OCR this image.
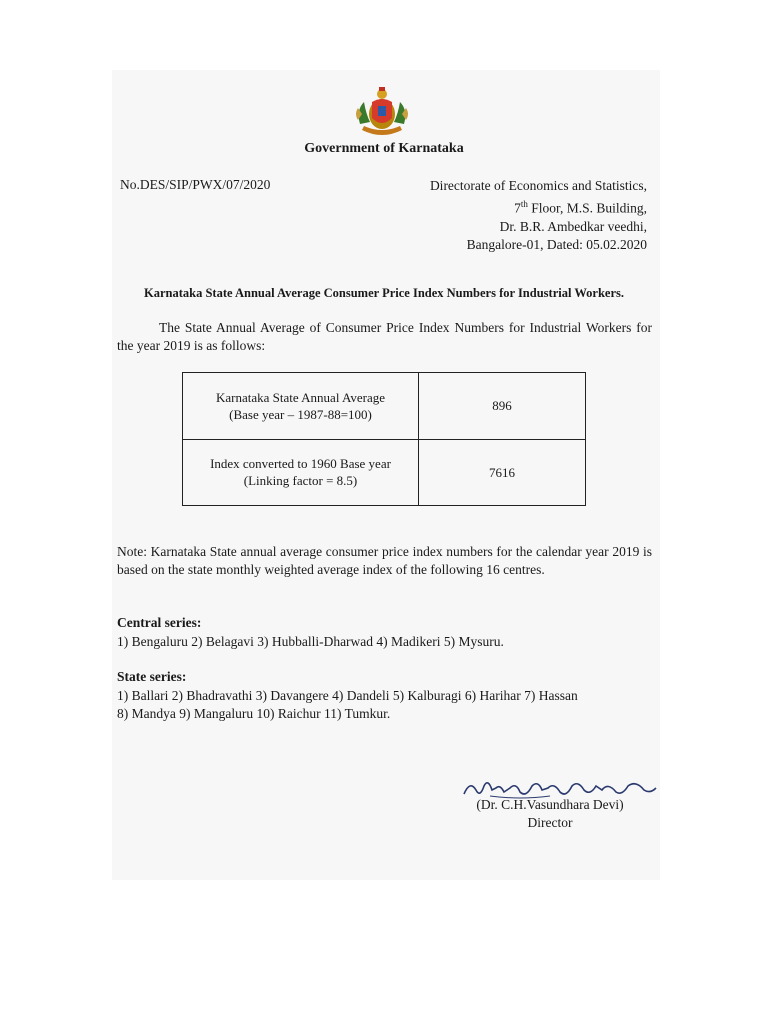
Government of Karnataka
No.DES/SIP/PWX/07/2020	Directorate of Economics and Statistics,
7th Floor, M.S. Building,
Dr. B.R. Ambedkar veedhi,
Bangalore-01, Dated: 05.02.2020
Karnataka State Annual Average Consumer Price Index Numbers for Industrial Workers.
The State Annual Average of Consumer Price Index Numbers for Industrial Workers for the year 2019 is as follows:
Karnataka State Annual Average
(Base year – 1987-88=100)	896

Index converted to 1960 Base year
(Linking factor = 8.5)	7616
Note: Karnataka State annual average consumer price index numbers for the calendar year 2019 is based on the state monthly weighted average index of the following 16 centres.
Central series:
1) Bengaluru 2) Belagavi 3) Hubballi-Dharwad 4) Madikeri 5) Mysuru.
State series:
1) Ballari 2) Bhadravathi 3) Davangere 4) Dandeli 5) Kalburagi 6) Harihar 7) Hassan
8) Mandya 9) Mangaluru 10) Raichur 11) Tumkur.
(Dr. C.H.Vasundhara Devi)
Director
